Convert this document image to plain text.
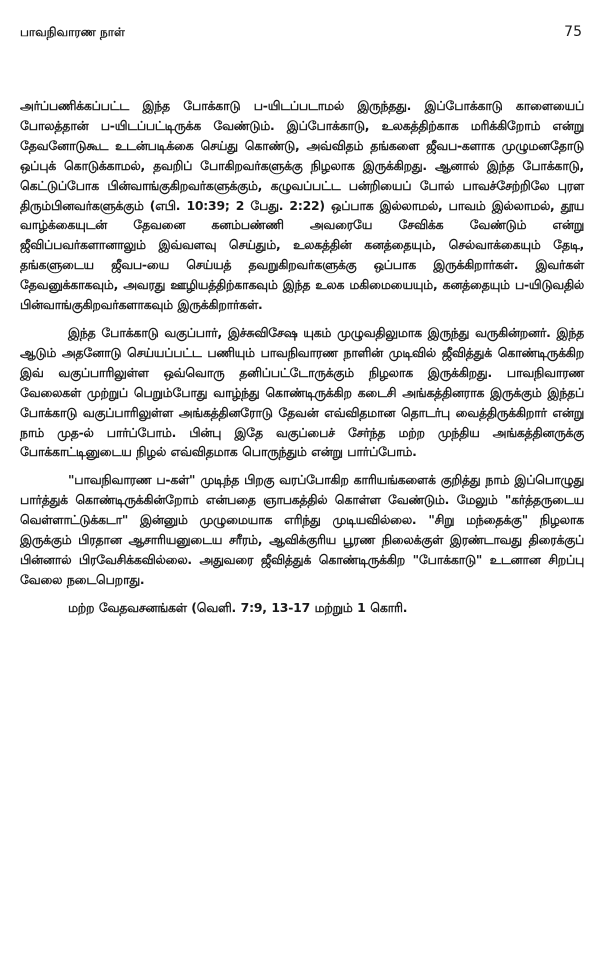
பாவநிவாரண நாள்	75

அர்ப்பணிக்கப்பட்ட இந்த போக்காடு ப-யிடப்படாமல் இருந்தது. இப்போக்காடு காளையைப் போலத்தான் ப-யிடப்பட்டிருக்க வேண்டும். இப்போக்காடு, உலகத்திற்காக மரிக்கிறோம் என்று தேவனோடுகூட உடன்படிக்கை செய்து கொண்டு, அவ்விதம் தங்களை ஜீவப-களாக முழுமனதோடு ஒப்புக் கொடுக்காமல், தவறிப் போகிறவர்களுக்கு நிழலாக இருக்கிறது. ஆனால் இந்த போக்காடு, கெட்டுப்போக பின்வாங்குகிறவர்களுக்கும், கழுவப்பட்ட பன்றியைப் போல் பாவச்சேற்றிலே புரள திரும்பினவர்களுக்கும் (எபி. 10:39; 2 பேது. 2:22) ஒப்பாக இல்லாமல், பாவம் இல்லாமல், தூய வாழ்க்கையுடன் தேவனை கனம்பண்ணி அவரையே சேவிக்க வேண்டும் என்று ஜீவிப்பவர்களானாலும் இவ்வளவு செய்தும், உலகத்தின் கனத்தையும், செல்வாக்கையும் தேடி, தங்களுடைய ஜீவப-யை செய்யத் தவறுகிறவர்களுக்கு ஒப்பாக இருக்கிறார்கள். இவர்கள் தேவனுக்காகவும், அவரது ஊழியத்திற்காகவும் இந்த உலக மகிமையையும், கனத்தையும் ப-யிடுவதில் பின்வாங்குகிறவர்களாகவும் இருக்கிறார்கள்.

இந்த போக்காடு வகுப்பார், இச்சுவிசேஷ யுகம் முழுவதிலுமாக இருந்து வருகின்றனர். இந்த ஆடும் அதனோடு செய்யப்பட்ட பணியும் பாவநிவாரண நாளின் முடிவில் ஜீவித்துக் கொண்டிருக்கிற இவ் வகுப்பாரிலுள்ள ஒவ்வொரு தனிப்பட்டோருக்கும் நிழலாக இருக்கிறது. பாவநிவாரண வேலைகள் முற்றுப் பெறும்போது வாழ்ந்து கொண்டிருக்கிற கடைசி அங்கத்தினராக இருக்கும் இந்தப் போக்காடு வகுப்பாரிலுள்ள அங்கத்தினரோடு தேவன் எவ்விதமான தொடர்பு வைத்திருக்கிறார் என்று நாம் முத-ல் பார்ப்போம். பின்பு இதே வகுப்பைச் சேர்ந்த மற்ற முந்திய அங்கத்தினருக்கு போக்காட்டினுடைய நிழல் எவ்விதமாக பொருந்தும் என்று பார்ப்போம்.

"பாவநிவாரண ப-கள்" முடிந்த பிறகு வரப்போகிற காரியங்களைக் குறித்து நாம் இப்பொழுது பார்த்துக் கொண்டிருக்கின்றோம் என்பதை ஞாபகத்தில் கொள்ள வேண்டும். மேலும் "கர்த்தருடைய வெள்ளாட்டுக்கடா" இன்னும் முழுமையாக எரிந்து முடியவில்லை. "சிறு மந்தைக்கு" நிழலாக இருக்கும் பிரதான ஆசாரியனுடைய சரீரம், ஆவிக்குரிய பூரண நிலைக்குள் இரண்டாவது திரைக்குப் பின்னால் பிரவேசிக்கவில்லை. அதுவரை ஜீவித்துக் கொண்டிருக்கிற "போக்காடு" உடனான சிறப்பு வேலை நடைபெறாது.

மற்ற வேதவசனங்கள் (வெளி. 7:9, 13-17 மற்றும் 1 கொரி.
